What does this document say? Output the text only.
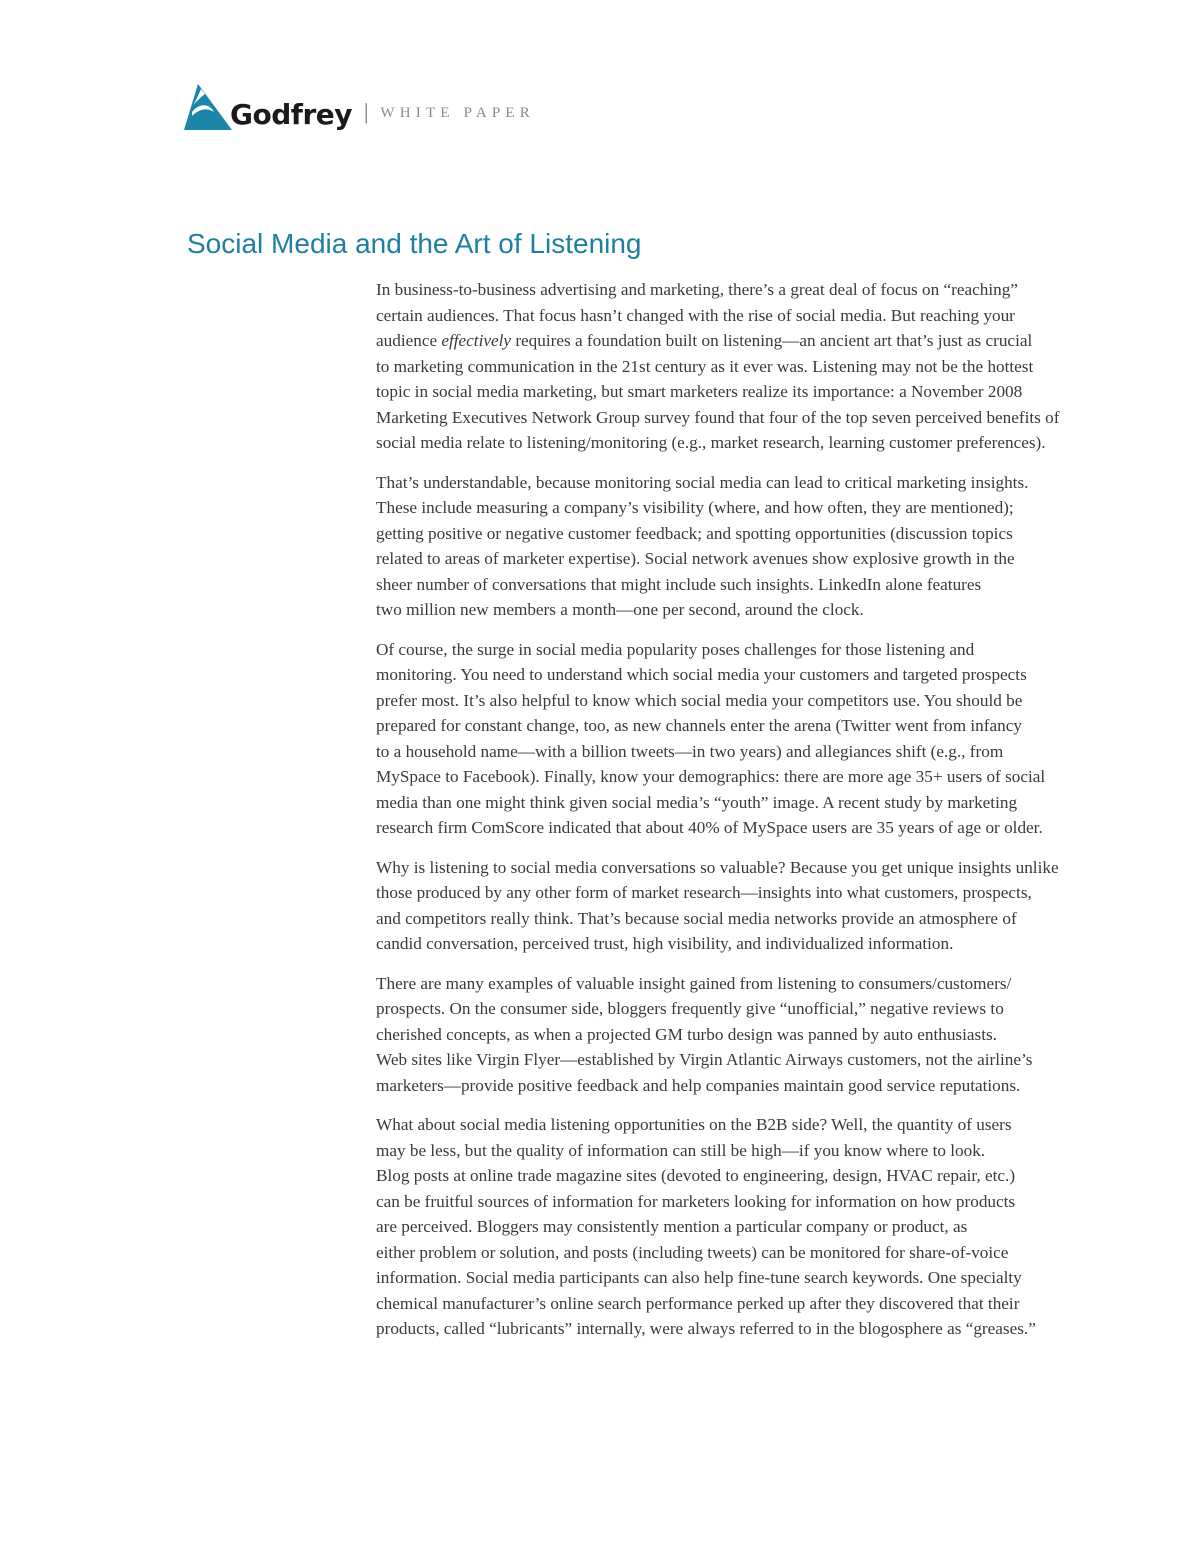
Godfrey | WHITE PAPER
Social Media and the Art of Listening

In business-to-business advertising and marketing, there’s a great deal of focus on “reaching”
certain audiences. That focus hasn’t changed with the rise of social media. But reaching your
audience effectively requires a foundation built on listening—an ancient art that’s just as crucial
to marketing communication in the 21st century as it ever was. Listening may not be the hottest
topic in social media marketing, but smart marketers realize its importance: a November 2008
Marketing Executives Network Group survey found that four of the top seven perceived benefits of
social media relate to listening/monitoring (e.g., market research, learning customer preferences).

That’s understandable, because monitoring social media can lead to critical marketing insights.
These include measuring a company’s visibility (where, and how often, they are mentioned);
getting positive or negative customer feedback; and spotting opportunities (discussion topics
related to areas of marketer expertise). Social network avenues show explosive growth in the
sheer number of conversations that might include such insights. LinkedIn alone features
two million new members a month—one per second, around the clock.

Of course, the surge in social media popularity poses challenges for those listening and
monitoring. You need to understand which social media your customers and targeted prospects
prefer most. It’s also helpful to know which social media your competitors use. You should be
prepared for constant change, too, as new channels enter the arena (Twitter went from infancy
to a household name—with a billion tweets—in two years) and allegiances shift (e.g., from
MySpace to Facebook). Finally, know your demographics: there are more age 35+ users of social
media than one might think given social media’s “youth” image. A recent study by marketing
research firm ComScore indicated that about 40% of MySpace users are 35 years of age or older.

Why is listening to social media conversations so valuable? Because you get unique insights unlike
those produced by any other form of market research—insights into what customers, prospects,
and competitors really think. That’s because social media networks provide an atmosphere of
candid conversation, perceived trust, high visibility, and individualized information.

There are many examples of valuable insight gained from listening to consumers/customers/
prospects. On the consumer side, bloggers frequently give “unofficial,” negative reviews to
cherished concepts, as when a projected GM turbo design was panned by auto enthusiasts.
Web sites like Virgin Flyer—established by Virgin Atlantic Airways customers, not the airline’s
marketers—provide positive feedback and help companies maintain good service reputations.

What about social media listening opportunities on the B2B side? Well, the quantity of users
may be less, but the quality of information can still be high—if you know where to look.
Blog posts at online trade magazine sites (devoted to engineering, design, HVAC repair, etc.)
can be fruitful sources of information for marketers looking for information on how products
are perceived. Bloggers may consistently mention a particular company or product, as
either problem or solution, and posts (including tweets) can be monitored for share-of-voice
information. Social media participants can also help fine-tune search keywords. One specialty
chemical manufacturer’s online search performance perked up after they discovered that their
products, called “lubricants” internally, were always referred to in the blogosphere as “greases.”
